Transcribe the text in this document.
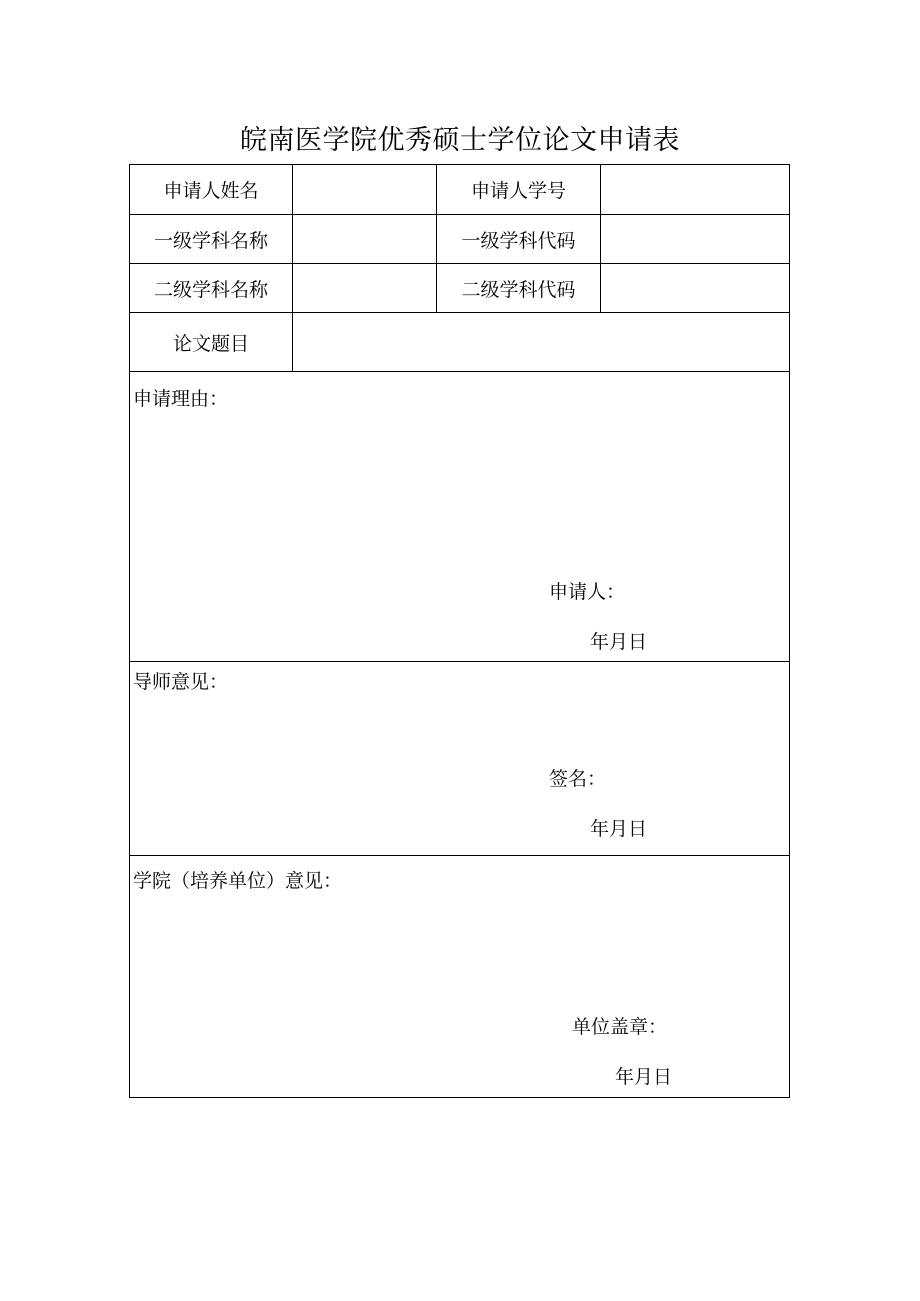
皖南医学院优秀硕士学位论文申请表
申请人姓名	申请人学号
一级学科名称	一级学科代码
二级学科名称	二级学科代码
论文题目
申请理由：
申请人：
年月日
导师意见：
签名：
年月日
学院（培养单位）意见：
单位盖章：
年月日
